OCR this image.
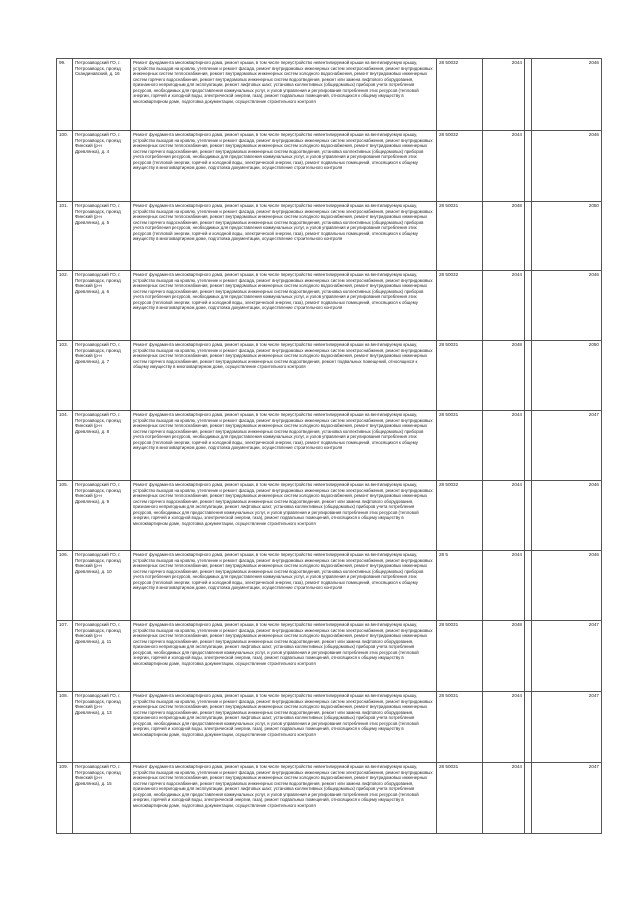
99.	Петрозаводский ГО, г. Петрозаводск, проезд Скандинавский, д. 16	Ремонт фундамента многоквартирного дома, ремонт крыши, в том числе переустройство невентилируемой крыши на вентилируемую крышу, устройство выходов на кровлю, утепление и ремонт фасада, ремонт внутридомовых инженерных систем электроснабжения, ремонт внутридомовых инженерных систем теплоснабжения, ремонт внутридомовых инженерных систем холодного водоснабжения, ремонт внутридомовых инженерных систем горячего водоснабжения, ремонт внутридомовых инженерных систем водоотведения, ремонт или замена лифтового оборудования, признанного непригодным для эксплуатации, ремонт лифтовых шахт, установка коллективных (общедомовых) приборов учета потребления ресурсов, необходимых для предоставления коммунальных услуг, и узлов управления и регулирования потребления этих ресурсов (тепловой энергии, горячей и холодной воды, электрической энергии, газа), ремонт подвальных помещений, относящихся к общему имуществу в многоквартирном доме, подготовка документации, осуществление строительного контроля	28 50032	2044		2046
100.	Петрозаводский ГО, г. Петрозаводск, проезд Финский (р-н Древлянка), д. 4	Ремонт фундамента многоквартирного дома, ремонт крыши, в том числе переустройство невентилируемой крыши на вентилируемую крышу, устройство выходов на кровлю, утепление и ремонт фасада, ремонт внутридомовых инженерных систем электроснабжения, ремонт внутридомовых инженерных систем теплоснабжения, ремонт внутридомовых инженерных систем холодного водоснабжения, ремонт внутридомовых инженерных систем горячего водоснабжения, ремонт внутридомовых инженерных систем водоотведения, установка коллективных (общедомовых) приборов учета потребления ресурсов, необходимых для предоставления коммунальных услуг, и узлов управления и регулирования потребления этих ресурсов (тепловой энергии, горячей и холодной воды, электрической энергии, газа), ремонт подвальных помещений, относящихся к общему имуществу в многоквартирном доме, подготовка документации, осуществление строительного контроля	28 50032	2044		2046
101.	Петрозаводский ГО, г. Петрозаводск, проезд Финский (р-н Древлянка), д. 5	Ремонт фундамента многоквартирного дома, ремонт крыши, в том числе переустройство невентилируемой крыши на вентилируемую крышу, устройство выходов на кровлю, утепление и ремонт фасада, ремонт внутридомовых инженерных систем электроснабжения, ремонт внутридомовых инженерных систем теплоснабжения, ремонт внутридомовых инженерных систем холодного водоснабжения, ремонт внутридомовых инженерных систем горячего водоснабжения, ремонт внутридомовых инженерных систем водоотведения, установка коллективных (общедомовых) приборов учета потребления ресурсов, необходимых для предоставления коммунальных услуг, и узлов управления и регулирования потребления этих ресурсов (тепловой энергии, горячей и холодной воды, электрической энергии, газа), ремонт подвальных помещений, относящихся к общему имуществу в многоквартирном доме, подготовка документации, осуществление строительного контроля	28 50031	2048		2050
102.	Петрозаводский ГО, г. Петрозаводск, проезд Финский (р-н Древлянка), д. 6	Ремонт фундамента многоквартирного дома, ремонт крыши, в том числе переустройство невентилируемой крыши на вентилируемую крышу, устройство выходов на кровлю, утепление и ремонт фасада, ремонт внутридомовых инженерных систем электроснабжения, ремонт внутридомовых инженерных систем теплоснабжения, ремонт внутридомовых инженерных систем холодного водоснабжения, ремонт внутридомовых инженерных систем горячего водоснабжения, ремонт внутридомовых инженерных систем водоотведения, установка коллективных (общедомовых) приборов учета потребления ресурсов, необходимых для предоставления коммунальных услуг, и узлов управления и регулирования потребления этих ресурсов (тепловой энергии, горячей и холодной воды, электрической энергии, газа), ремонт подвальных помещений, относящихся к общему имуществу в многоквартирном доме, подготовка документации, осуществление строительного контроля	28 50032	2044		2046
103.	Петрозаводский ГО, г. Петрозаводск, проезд Финский (р-н Древлянка), д. 7	Ремонт фундамента многоквартирного дома, ремонт крыши, в том числе переустройство невентилируемой крыши на вентилируемую крышу, устройство выходов на кровлю, утепление и ремонт фасада, ремонт внутридомовых инженерных систем электроснабжения, ремонт внутридомовых инженерных систем теплоснабжения, ремонт внутридомовых инженерных систем холодного водоснабжения, ремонт внутридомовых инженерных систем горячего водоснабжения, ремонт внутридомовых инженерных систем водоотведения, ремонт подвальных помещений, относящихся к общему имуществу в многоквартирном доме, осуществление строительного контроля	28 50031	2048		2050
104.	Петрозаводский ГО, г. Петрозаводск, проезд Финский (р-н Древлянка), д. 8	Ремонт фундамента многоквартирного дома, ремонт крыши, в том числе переустройство невентилируемой крыши на вентилируемую крышу, устройство выходов на кровлю, утепление и ремонт фасада, ремонт внутридомовых инженерных систем электроснабжения, ремонт внутридомовых инженерных систем теплоснабжения, ремонт внутридомовых инженерных систем холодного водоснабжения, ремонт внутридомовых инженерных систем горячего водоснабжения, ремонт внутридомовых инженерных систем водоотведения, установка коллективных (общедомовых) приборов учета потребления ресурсов, необходимых для предоставления коммунальных услуг, и узлов управления и регулирования потребления этих ресурсов (тепловой энергии, горячей и холодной воды, электрической энергии, газа), ремонт подвальных помещений, относящихся к общему имуществу в многоквартирном доме, подготовка документации, осуществление строительного контроля	28 50031	2044		2047
105.	Петрозаводский ГО, г. Петрозаводск, проезд Финский (р-н Древлянка), д. 9	Ремонт фундамента многоквартирного дома, ремонт крыши, в том числе переустройство невентилируемой крыши на вентилируемую крышу, устройство выходов на кровлю, утепление и ремонт фасада, ремонт внутридомовых инженерных систем электроснабжения, ремонт внутридомовых инженерных систем теплоснабжения, ремонт внутридомовых инженерных систем холодного водоснабжения, ремонт внутридомовых инженерных систем горячего водоснабжения, ремонт внутридомовых инженерных систем водоотведения, ремонт или замена лифтового оборудования, признанного непригодным для эксплуатации, ремонт лифтовых шахт, установка коллективных (общедомовых) приборов учета потребления ресурсов, необходимых для предоставления коммунальных услуг, и узлов управления и регулирования потребления этих ресурсов (тепловой энергии, горячей и холодной воды, электрической энергии, газа), ремонт подвальных помещений, относящихся к общему имуществу в многоквартирном доме, подготовка документации, осуществление строительного контроля	28 50032	2044		2046
106.	Петрозаводский ГО, г. Петрозаводск, проезд Финский (р-н Древлянка), д. 10	Ремонт фундамента многоквартирного дома, ремонт крыши, в том числе переустройство невентилируемой крыши на вентилируемую крышу, устройство выходов на кровлю, утепление и ремонт фасада, ремонт внутридомовых инженерных систем электроснабжения, ремонт внутридомовых инженерных систем теплоснабжения, ремонт внутридомовых инженерных систем холодного водоснабжения, ремонт внутридомовых инженерных систем горячего водоснабжения, ремонт внутридомовых инженерных систем водоотведения, установка коллективных (общедомовых) приборов учета потребления ресурсов, необходимых для предоставления коммунальных услуг, и узлов управления и регулирования потребления этих ресурсов (тепловой энергии, горячей и холодной воды, электрической энергии, газа), ремонт подвальных помещений, относящихся к общему имуществу в многоквартирном доме, подготовка документации, осуществление строительного контроля	28 5	2044		2046
107.	Петрозаводский ГО, г. Петрозаводск, проезд Финский (р-н Древлянка), д. 11	Ремонт фундамента многоквартирного дома, ремонт крыши, в том числе переустройство невентилируемой крыши на вентилируемую крышу, устройство выходов на кровлю, утепление и ремонт фасада, ремонт внутридомовых инженерных систем электроснабжения, ремонт внутридомовых инженерных систем теплоснабжения, ремонт внутридомовых инженерных систем холодного водоснабжения, ремонт внутридомовых инженерных систем горячего водоснабжения, ремонт внутридомовых инженерных систем водоотведения, ремонт или замена лифтового оборудования, признанного непригодным для эксплуатации, ремонт лифтовых шахт, установка коллективных (общедомовых) приборов учета потребления ресурсов, необходимых для предоставления коммунальных услуг, и узлов управления и регулирования потребления этих ресурсов (тепловой энергии, горячей и холодной воды, электрической энергии, газа), ремонт подвальных помещений, относящихся к общему имуществу в многоквартирном доме, подготовка документации, осуществление строительного контроля	28 50031	2048		2047
108.	Петрозаводский ГО, г. Петрозаводск, проезд Финский (р-н Древлянка), д. 13	Ремонт фундамента многоквартирного дома, ремонт крыши, в том числе переустройство невентилируемой крыши на вентилируемую крышу, устройство выходов на кровлю, утепление и ремонт фасада, ремонт внутридомовых инженерных систем электроснабжения, ремонт внутридомовых инженерных систем теплоснабжения, ремонт внутридомовых инженерных систем холодного водоснабжения, ремонт внутридомовых инженерных систем горячего водоснабжения, ремонт внутридомовых инженерных систем водоотведения, ремонт или замена лифтового оборудования, признанного непригодным для эксплуатации, ремонт лифтовых шахт, установка коллективных (общедомовых) приборов учета потребления ресурсов, необходимых для предоставления коммунальных услуг, и узлов управления и регулирования потребления этих ресурсов (тепловой энергии, горячей и холодной воды, электрической энергии, газа), ремонт подвальных помещений, относящихся к общему имуществу в многоквартирном доме, подготовка документации, осуществление строительного контроля	28 50031	2044		2047
109.	Петрозаводский ГО, г. Петрозаводск, проезд Финский (р-н Древлянка), д. 15	Ремонт фундамента многоквартирного дома, ремонт крыши, в том числе переустройство невентилируемой крыши на вентилируемую крышу, устройство выходов на кровлю, утепление и ремонт фасада, ремонт внутридомовых инженерных систем электроснабжения, ремонт внутридомовых инженерных систем теплоснабжения, ремонт внутридомовых инженерных систем холодного водоснабжения, ремонт внутридомовых инженерных систем горячего водоснабжения, ремонт внутридомовых инженерных систем водоотведения, ремонт или замена лифтового оборудования, признанного непригодным для эксплуатации, ремонт лифтовых шахт, установка коллективных (общедомовых) приборов учета потребления ресурсов, необходимых для предоставления коммунальных услуг, и узлов управления и регулирования потребления этих ресурсов (тепловой энергии, горячей и холодной воды, электрической энергии, газа), ремонт подвальных помещений, относящихся к общему имуществу в многоквартирном доме, подготовка документации, осуществление строительного контроля	28 50031	2044		2047
